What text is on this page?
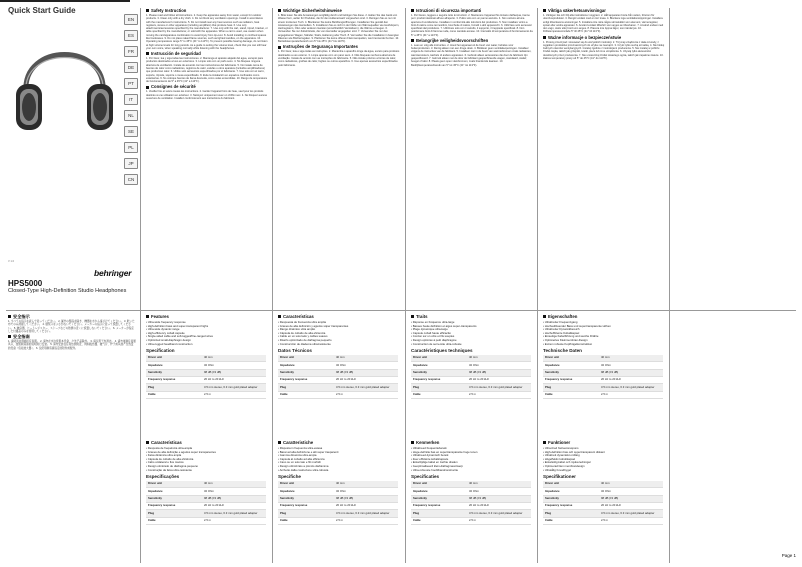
Quick Start Guide
EN
ES
FR
DE
PT
IT
NL
SE
PL
JP
CN
HPS5000
Closed-Type High-Definition Studio Headphones
behringer
V 1.0
Safety Instruction

1. Please read and follow all instructions. 2. Keep the apparatus away from water, except for outdoor products. 3. Clean only with a dry cloth. 4. Do not block any ventilation openings. Install in accordance with the manufacturer's instructions. 5. Do not install near any heat sources such as radiators, heat registers, stoves or other apparatus (including amplifiers) that produce heat. 6. Use only attachments/accessories specified by the manufacturer. 7. Use only with the cart, stand, tripod, bracket, or table specified by the manufacturer, or sold with the apparatus. When a cart is used, use caution when moving the cart/apparatus combination to avoid injury from tip-over. 8. Avoid installing in confined spaces like bookcases. 9. Do not place naked flame sources, such as lighted candles, on the apparatus. 10. Operating temperature range 5° to 45°C (41° to 113°F). To prevent possible hearing damage, do not listen at high volume levels for long periods. As a guide to setting the volume level, check that you can still hear your own voice, when speaking normally while listening with the headphones.

Instrucción de seguridad

1. Por favor, lea y siga todas las instrucciones. 2. Mantenga el aparato alejado del agua, excepto para productos destinados al uso en exteriores. 3. Limpie solo con un paño seco. 4. No bloquee ninguna abertura de ventilación. Instale de acuerdo con las instrucciones del fabricante. 5. No instale cerca de fuentes de calor como radiadores, registros de calor, estufas u otros aparatos (incluidos amplificadores) que produzcan calor. 6. Utilice solo accesorios especificados por el fabricante. 7. Use solo con el carro, soporte, trípode, soporte o mesa especificado. 8. Evite la instalación en espacios confinados como estanterías. 9. No coloque fuentes de llama desnuda, como velas encendidas. 10. Rango de temperatura de funcionamiento de 5° a 45°C (41° a 113°F).

Consignes de sécurité

1. Veuillez lire et suivre toutes les instructions. 2. Garder l'appareil hors de l'eau, sauf pour les produits destinés à une utilisation en extérieur. 3. Nettoyez uniquement avec un chiffon sec. 4. Ne bloquez aucune ouverture de ventilation. Installez conformément aux instructions du fabricant.

Wichtige Sicherheitshinweise

1. Bitte lesen Sie alle Anweisungen sorgfältig durch und befolgen Sie diese. 2. Halten Sie das Gerät von Wasser fern, außer für Produkte, die für den Außeneinsatz vorgesehen sind. 3. Reinigen Sie es nur mit einem trockenen Tuch. 4. Blockieren Sie keine Belüftungsöffnungen. Installieren Sie gemäß den Anweisungen des Herstellers. 5. Installieren Sie es nicht in der Nähe von Wärmequellen wie Heizkörpern, Heizregistern, Öfen oder anderen Geräten (einschließlich Verstärkern), die Wärme erzeugen. 6. Verwenden Sie nur Zubehörteile, die vom Hersteller angegeben sind. 7. Verwenden Sie nur den angegebenen Wagen, Ständer, Stativ, Halterung oder Tisch. 8. Vermeiden Sie die Installation in beengten Räumen wie Bücherregalen. 9. Platzieren Sie keine offenen Flammenquellen, wie brennende Kerzen. 10. Betriebstemperaturbereich von 5° bis 45°C (41° bis 113°F).

Instruções de Segurança Importantes

1. Por favor, leia e siga todas as instruções. 2. Mantenha o aparelho longe da água, exceto para produtos destinados a uso externo. 3. Limpe apenas com um pano seco. 4. Não bloqueie nenhuma abertura de ventilação. Instale de acordo com as instruções do fabricante. 5. Não instale próximo a fontes de calor, como radiadores, grelhas de calor, fogões ou outros aparelhos. 6. Use apenas acessórios especificados pelo fabricante.

Istruzioni di sicurezza importanti

1. Per favore, leggere e seguire tutte le istruzioni. 2. Mantenere l'apparecchio lontano dall'acqua, tranne per i prodotti destinati all'uso all'aperto. 3. Pulire solo con un panno asciutto. 4. Non ostruire alcuna apertura di ventilazione. Installare in conformità alle istruzioni del produttore. 5. Non installare vicino a fonti di calore come termosifoni, bocchette di calore, fornelli o altri apparecchi. 6. Utilizzare solo accessori specificati dal produttore. 7. Utilizzare solo con il carrello, il supporto, il treppiede specificati. 8. Non posizionare fonti di fiamma nuda, come candele accese. 10. Intervallo di temperatura di funzionamento da 5° a 45°C (41° a 113°F).

Belangrijke veiligheidsvoorschriften

1. Lees en volg alle instructies. 2. Houd het apparaat uit de buurt van water, behalve voor buitenproducten. 3. Reinig alleen met een droge doek. 4. Blokkeer geen ventilatieopeningen. Installeer volgens de instructies van de fabrikant. 5. Installeer niet in de buurt van warmtebronnen zoals radiatoren, warmteroosters, kachels of andere apparaten. 6. Gebruik alleen accessoires die door de fabrikant zijn gespecificeerd. 7. Gebruik alleen met de door de fabrikant gespecificeerde wagen, standaard, statief, beugel of tafel. 8. Plaats geen open vlambronnen, zoals brandende kaarsen. 10. Bedrijfstemperatuurbereik van 5° tot 45°C (41° tot 113°F).

Viktiga säkerhetsanvisningar

1. Vänligen läs och följ alla instruktioner noggrant. 2. Håll apparaten borta från vatten, förutom för utomhusprodukter. 3. Rengör endast med en torr trasa. 4. Blockera inga ventilationsöppningar. Installera enligt tillverkarens anvisningar. 5. Installera inte nära några värmekällor som element, värmeregister, spisar eller andra apparater. 6. Använd endast tillbehör som anges av tillverkaren. 7. Använd endast med den vagn, stativ eller bord som anges. 8. Placera inte öppna lågor, som tända ljus. 10. Driftstemperaturområde 5° till 45°C (41° till 113°F).

Ważne informacje o bezpieczeństwie

1. Proszę przeczytać i stosować się do wszystkich instrukcji. 2. Trzymaj urządzenie z dala od wody, z wyjątkiem produktów przeznaczonych do użytku na zewnątrz. 3. Czyść tylko suchą szmatką. 4. Nie blokuj żadnych otworów wentylacyjnych. Instaluj zgodnie z instrukcjami producenta. 5. Nie instaluj w pobliżu źródeł ciepła, takich jak grzejniki, kratki, piece lub inne urządzenia. 6. Używaj tylko akcesoriów określonych przez producenta. 7. Nie umieszczaj źródeł otwartego ognia, takich jak zapalone świece. 10. Zakres temperatury pracy od 5° do 45°C (41° do 113°F).

安全指示

1. すべての指示を読んで従ってください。 2. 屋外の製品を除き、機器を水から遠ざけてください。 3. 乾いた布でのみ清掃してください。 4. 通気口をふさがないでください。メーカーの指示に従って設置してください。 5. 暖房器、ヒートレジスター、ストーブなどの熱源の近くに設置しないでください。 6. メーカーが指定した付属品のみを使用してください。

安全指南

1. 请阅读并遵循所有说明。 2. 请勿在水边使用本设备，户外产品除外。 3. 请仅用干布清洁。 4. 请勿堵塞任何通风口，按照制造商的说明进行安装。 5. 请勿安装在任何热源附近，例如散热器、暖气片、炉子或其他产生热量的设备（包括放大器）。 6. 仅使用制造商指定的附件或配件。

Features
• Ultra-wide frequency response
• High-definition bass and super-transparent highs
• Ultra-wide dynamic range
• High-efficiency cobalt capsule
• Single-sided cable and soft-lugged/fine-ranged wires
• Optimized small-diaphragm design
• Ultra-rugged headband construction
Specification
Driver unit	40 mm
Impedance	32 Ohm
Sensitivity	98 dB (±3 dB)
Frequency response	20 Hz to 20 kHz
Plug	3.5 mm stereo, 6.3 mm gold plated adapter
Cable	2.5 m
Características
• Respuesta de frecuencia ultra amplia
• Graves de alta definición y agudos súper transparentes
• Rango dinámico ultra amplio
• Cápsula de cobalto de alta eficiencia
• Cable en un solo lado y cables suaves
• Diseño optimizado de diafragma pequeño
• Construcción de diadema ultrarresistente
Datos Técnicos
Driver unit	40 mm
Impedance	32 Ohm
Sensitivity	98 dB (±3 dB)
Frequency response	20 Hz to 20 kHz
Plug	3.5 mm stereo, 6.3 mm gold plated adapter
Cable	2.5 m
Traits
• Réponse en fréquence ultra-large
• Basses haute définition et aigus super-transparents
• Plage dynamique ultra-large
• Capsule cobalt haute efficacité
• Cordon sur un côté et fils souples
• Design optimisé à petit diaphragme
• Construction de serre-tête ultra-robuste
Caractéristiques techniques
Driver unit	40 mm
Impedance	32 Ohm
Sensitivity	98 dB (±3 dB)
Frequency response	20 Hz to 20 kHz
Plug	3.5 mm stereo, 6.3 mm gold plated adapter
Cable	2.5 m
Eigenschaften
• Ultrabreiter Frequenzgang
• Hochauflösender Bass und supertransparente Höhen
• Ultrabreiter Dynamikbereich
• Hocheffiziente Kobaltkapsel
• Einseitige Kabelführung und weiche Drähte
• Optimiertes Kleinmembran-Design
• Extrem robuste Kopfbügelkonstruktion
Technische Daten
Driver unit	40 mm
Impedance	32 Ohm
Sensitivity	98 dB (±3 dB)
Frequency response	20 Hz to 20 kHz
Plug	3.5 mm stereo, 6.3 mm gold plated adapter
Cable	2.5 m
Características
• Resposta de frequência ultra-ampla
• Graves de alta definição e agudos super transparentes
• Faixa dinâmica ultra ampla
• Cápsula de cobalto de alta eficiência
• Cabo unilateral e fios macios
• Design otimizado de diafragma pequeno
• Construção da faixa ultra-resistente
Especificações
Driver unit	40 mm
Impedance	32 Ohm
Sensitivity	98 dB (±3 dB)
Frequency response	20 Hz to 20 kHz
Plug	3.5 mm stereo, 6.3 mm gold plated adapter
Cable	2.5 m
Caratteristiche
• Risposta in frequenza ultra-estesa
• Bassi ad alta definizione e alti super trasparenti
• Gamma dinamica ultra-ampia
• Capsula al cobalto ad alta efficienza
• Cavo su un solo lato e fili morbidi
• Design ottimizzato a piccolo diaframma
• Archetto dalla costruzione ultra-robusta
Specifiche
Driver unit	40 mm
Impedance	32 Ohm
Sensitivity	98 dB (±3 dB)
Frequency response	20 Hz to 20 kHz
Plug	3.5 mm stereo, 6.3 mm gold plated adapter
Cable	2.5 m
Kenmerken
• Ultrabreed frequentiebereik
• Hoge-definitie bas en supertransparante hoge tonen
• Ultrabreed dynamisch bereik
• Zeer efficiënte kobaltcapsule
• Enkelzijdige kabel en zachte draden
• Geoptimaliseerd klein-diafragmaontwerp
• Ultra-robuuste hoofdbandconstructie
Specificaties
Driver unit	40 mm
Impedance	32 Ohm
Sensitivity	98 dB (±3 dB)
Frequency response	20 Hz to 20 kHz
Plug	3.5 mm stereo, 6.3 mm gold plated adapter
Cable	2.5 m
Funktioner
• Ultra-bred frekvensrespons
• High-definition bas och supertransparent diskant
• Ultrabrett dynamiskt omfång
• Högeffektiv koboltkapsel
• Enkelsidig kabel och mjuka ledningar
• Optimerad liten membrandesign
• Ultratålig huvudbygel
Specifikationer
Driver unit	40 mm
Impedance	32 Ohm
Sensitivity	98 dB (±3 dB)
Frequency response	20 Hz to 20 kHz
Plug	3.5 mm stereo, 6.3 mm gold plated adapter
Cable	2.5 m
Page 1
